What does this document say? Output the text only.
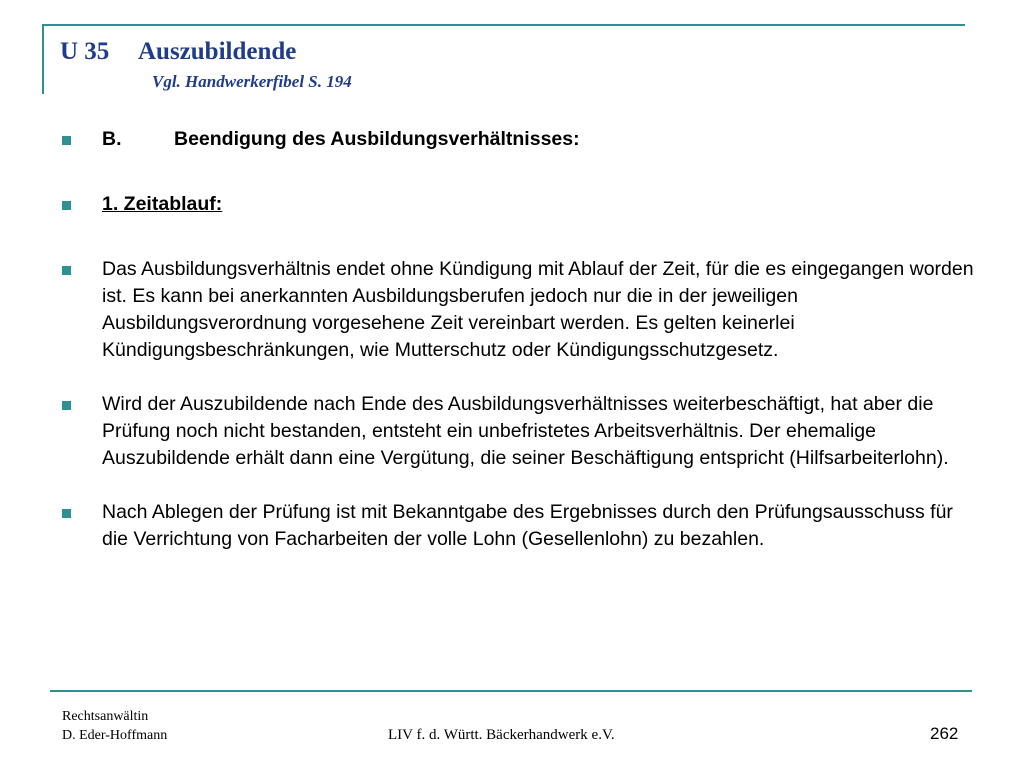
U 35 Auszubildende
Vgl. Handwerkerfibel S. 194
B.	Beendigung des Ausbildungsverhältnisses:
1. Zeitablauf:
Das Ausbildungsverhältnis endet ohne Kündigung mit Ablauf der Zeit, für die es eingegangen worden ist. Es kann bei anerkannten Ausbildungsberufen jedoch nur die in der jeweiligen Ausbildungsverordnung vorgesehene Zeit vereinbart werden. Es gelten keinerlei Kündigungsbeschränkungen, wie Mutterschutz oder Kündigungsschutzgesetz.
Wird der Auszubildende nach Ende des Ausbildungsverhältnisses weiterbeschäftigt, hat aber die Prüfung noch nicht bestanden, entsteht ein unbefristetes Arbeitsverhältnis. Der ehemalige Auszubildende erhält dann eine Vergütung, die seiner Beschäftigung entspricht (Hilfsarbeiterlohn).
Nach Ablegen der Prüfung ist mit Bekanntgabe des Ergebnisses durch den Prüfungsausschuss für die Verrichtung von Facharbeiten der volle Lohn (Gesellenlohn) zu bezahlen.
Rechtsanwältin
D. Eder-Hoffmann	LIV f. d. Württ. Bäckerhandwerk e.V.	262
